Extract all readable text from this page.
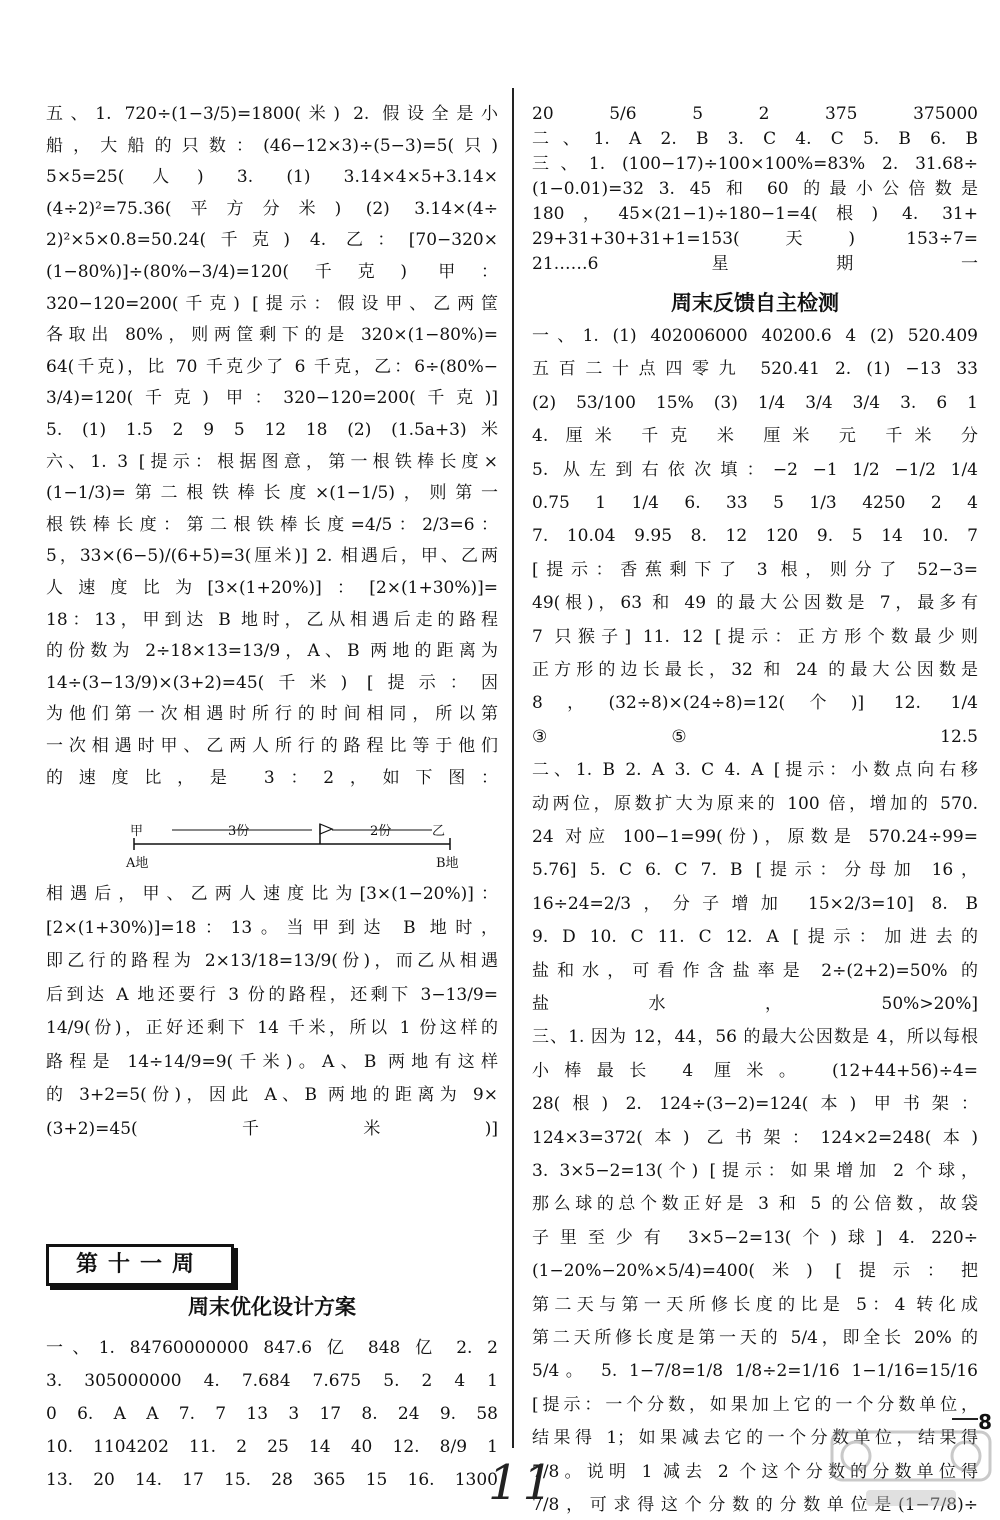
五、1. 720÷(1−3/5)=1800(米) 2. 假设全是小
船，大船的只数：(46−12×3)÷(5−3)=5(只)
5×5=25(人) 3. (1) 3.14×4×5+3.14×
(4÷2)²=75.36(平方分米) (2) 3.14×(4÷
2)²×5×0.8=50.24(千克) 4. 乙：[70−320×
(1−80%)]÷(80%−3/4)=120(千克) 甲：
320−120=200(千克) [提示：假设甲、乙两筐
各取出 80%，则两筐剩下的是 320×(1−80%)=
64(千克)，比 70 千克少了 6 千克，乙：6÷(80%−
3/4)=120(千克) 甲：320−120=200(千克)]
5. (1) 1.5 2 9 5 12 18 (2) (1.5a+3)米
六、1. 3 [提示：根据图意，第一根铁棒长度×
(1−1/3)=第二根铁棒长度×(1−1/5)，则第一
根铁棒长度：第二根铁棒长度=4/5：2/3=6：
5，33×(6−5)/(6+5)=3(厘米)] 2. 相遇后，甲、乙两
人速度比为[3×(1+20%)]：[2×(1+30%)]=
18：13，甲到达 B 地时，乙从相遇后走的路程
的份数为 2÷18×13=13/9，A、B 两地的距离为
14÷(3−13/9)×(3+2)=45(千米) [提示：因
为他们第一次相遇时所行的时间相同，所以第
一次相遇时甲、乙两人所行的路程比等于他们
的速度比，是 3：2，如下图：
甲	3份	2份	乙
A地	B地
相遇后，甲、乙两人速度比为[3×(1−20%)]：
[2×(1+30%)]=18：13。当甲到达 B 地时，
即乙行的路程为 2×13/18=13/9(份)，而乙从相遇
后到达 A 地还要行 3 份的路程，还剩下 3−13/9=
14/9(份)，正好还剩下 14 千米，所以 1 份这样的
路程是 14÷14/9=9(千米)。A、B 两地有这样
的 3+2=5(份)，因此 A、B 两地的距离为 9×
(3+2)=45(千米)]
第十一周
周末优化设计方案
一、1. 84760000000 847.6 亿 848 亿 2. 2
3. 305000000 4. 7.684 7.675 5. 2 4 1
0 6. A A 7. 7 13 3 17 8. 24 9. 58
10. 1104202 11. 2 25 14 40 12. 8/9 1
13. 20 14. 17 15. 28 365 15 16. 1300
20 5/6 5 2 375 375000
二、1. A 2. B 3. C 4. C 5. B 6. B
三、1. (100−17)÷100×100%=83% 2. 31.68÷
(1−0.01)=32 3. 45 和 60 的最小公倍数是
180，45×(21−1)÷180−1=4(根) 4. 31+
29+31+30+31+1=153(天) 153÷7=
21……6 星期一
周末反馈自主检测
一、1. (1) 402006000 40200.6 4 (2) 520.409
五百二十点四零九 520.41 2. (1) −13 33
(2) 53/100 15% (3) 1/4 3/4 3/4 3. 6 1
4. 厘米 千克 米 厘米 元 千米 分
5. 从左到右依次填：−2 −1 1/2 −1/2 1/4
0.75 1 1/4 6. 33 5 1/3 4250 2 4
7. 10.04 9.95 8. 12 120 9. 5 14 10. 7
[提示：香蕉剩下了 3 根，则分了 52−3=
49(根)，63 和 49 的最大公因数是 7，最多有
7 只猴子] 11. 12 [提示：正方形个数最少则
正方形的边长最长，32 和 24 的最大公因数是
8，(32÷8)×(24÷8)=12(个)] 12. 1/4
③⑤ 12.5
二、1. B 2. A 3. C 4. A [提示：小数点向右移
动两位，原数扩大为原来的 100 倍，增加的 570.
24 对应 100−1=99(份)，原数是 570.24÷99=
5.76] 5. C 6. C 7. B [提示：分母加 16，
16÷24=2/3，分子增加 15×2/3=10] 8. B
9. D 10. C 11. C 12. A [提示：加进去的
盐和水，可看作含盐率是 2÷(2+2)=50% 的
盐水，50%>20%]
三、1. 因为 12，44，56 的最大公因数是 4，所以每根
小棒最长 4 厘米。 (12+44+56)÷4=
28(根) 2. 124÷(3−2)=124(本) 甲书架：
124×3=372(本) 乙书架：124×2=248(本)
3. 3×5−2=13(个) [提示：如果增加 2 个球，
那么球的总个数正好是 3 和 5 的公倍数，故袋
子里至少有 3×5−2=13(个)球] 4. 220÷
(1−20%−20%×5/4)=400(米) [提示：把
第二天与第一天所修长度的比是 5：4 转化成
第二天所修长度是第一天的 5/4，即全长 20% 的
5/4。 5. 1−7/8=1/8 1/8÷2=1/16 1−1/16=15/16
[提示：一个分数，如果加上它的一个分数单位，
结果得 1；如果减去它的一个分数单位，结果得
7/8。说明 1 减去 2 个这个分数的分数单位得
7/8，可求得这个分数的分数单位是(1−7/8)÷
8
11
